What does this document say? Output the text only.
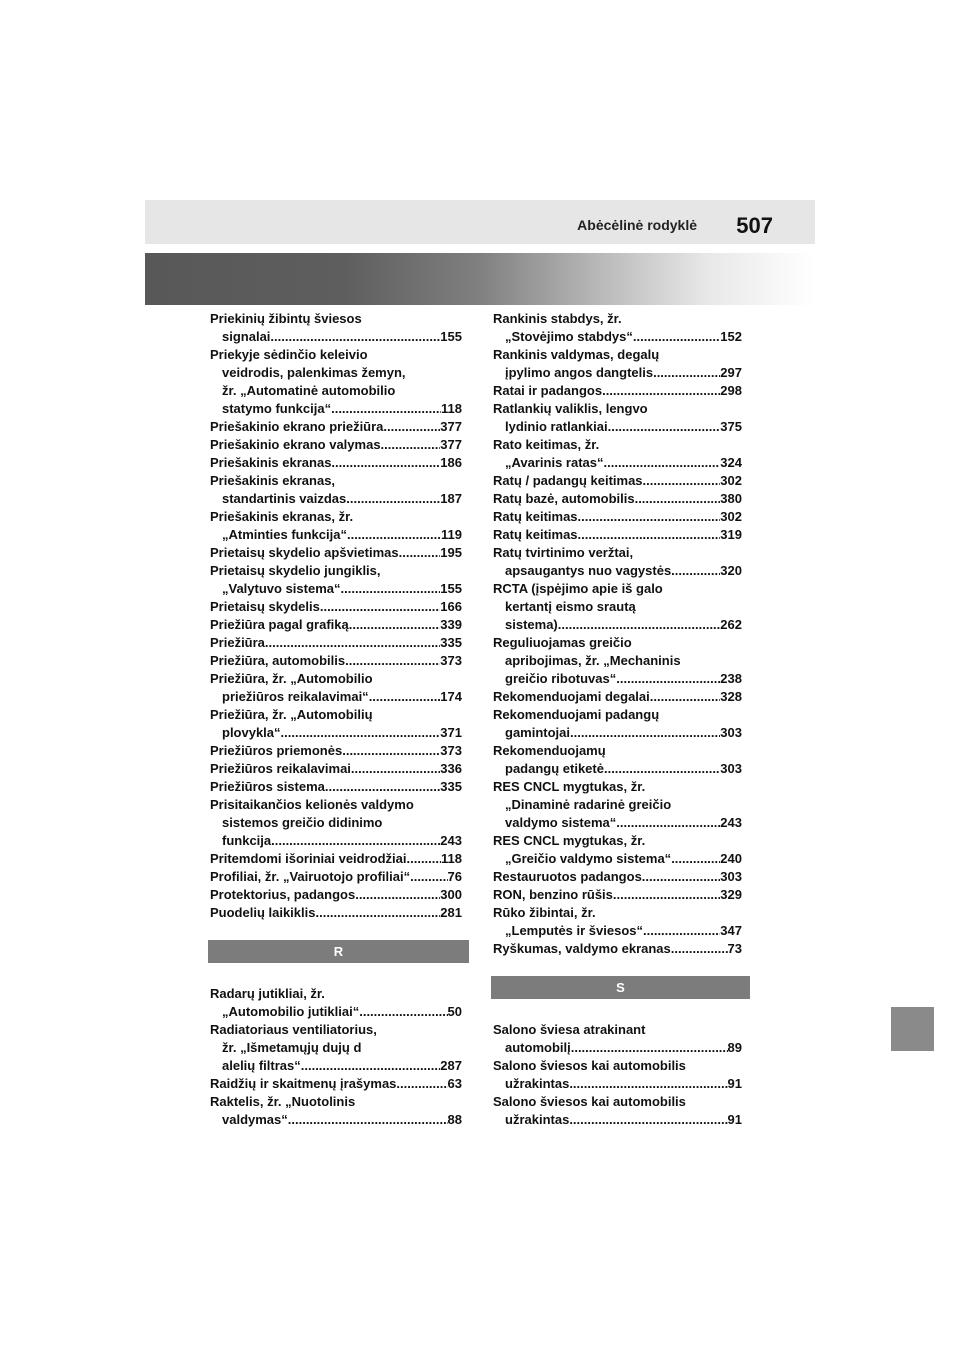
Abėcėlinė rodyklė 507
Priekinių žibintų šviesos
signalai .....	155
Priekyje sėdinčio keleivio
veidrodis, palenkimas žemyn,
žr. „Automatinė automobilio
statymo funkcija“ .....	118
Priešakinio ekrano priežiūra .....	377
Priešakinio ekrano valymas .....	377
Priešakinis ekranas .....	186
Priešakinis ekranas,
standartinis vaizdas .....	187
Priešakinis ekranas, žr.
„Atminties funkcija“ .....	119
Prietaisų skydelio apšvietimas .....	195
Prietaisų skydelio jungiklis,
„Valytuvo sistema“ .....	155
Prietaisų skydelis .....	166
Priežiūra pagal grafiką .....	339
Priežiūra .....	335
Priežiūra, automobilis .....	373
Priežiūra, žr. „Automobilio
priežiūros reikalavimai“ .....	174
Priežiūra, žr. „Automobilių
plovykla“ .....	371
Priežiūros priemonės .....	373
Priežiūros reikalavimai .....	336
Priežiūros sistema .....	335
Prisitaikančios kelionės valdymo
sistemos greičio didinimo
funkcija .....	243
Pritemdomi išoriniai veidrodžiai .....	118
Profiliai, žr. „Vairuotojo profiliai“ .....	76
Protektorius, padangos .....	300
Puodelių laikiklis .....	281
R
Radarų jutikliai, žr.
„Automobilio jutikliai“ .....	50
Radiatoriaus ventiliatorius,
žr. „Išmetamųjų dujų d
alelių filtras“ .....	287
Raidžių ir skaitmenų įrašymas .....	63
Raktelis, žr. „Nuotolinis
valdymas“ .....	88
Rankinis stabdys, žr.
„Stovėjimo stabdys“ .....	152
Rankinis valdymas, degalų
įpylimo angos dangtelis .....	297
Ratai ir padangos .....	298
Ratlankių valiklis, lengvo
lydinio ratlankiai .....	375
Rato keitimas, žr.
„Avarinis ratas“ .....	324
Ratų / padangų keitimas .....	302
Ratų bazė, automobilis .....	380
Ratų keitimas .....	302
Ratų keitimas .....	319
Ratų tvirtinimo veržtai,
apsaugantys nuo vagystės .....	320
RCTA (įspėjimo apie iš galo
kertantį eismo srautą
sistema) .....	262
Reguliuojamas greičio
apribojimas, žr. „Mechaninis
greičio ribotuvas“ .....	238
Rekomenduojami degalai .....	328
Rekomenduojami padangų
gamintojai .....	303
Rekomenduojamų
padangų etiketė .....	303
RES CNCL mygtukas, žr.
„Dinaminė radarinė greičio
valdymo sistema“ .....	243
RES CNCL mygtukas, žr.
„Greičio valdymo sistema“ .....	240
Restauruotos padangos .....	303
RON, benzino rūšis .....	329
Rūko žibintai, žr.
„Lemputės ir šviesos“ .....	347
Ryškumas, valdymo ekranas .....	73
S
Salono šviesa atrakinant
automobilį .....	89
Salono šviesos kai automobilis
užrakintas .....	91
Salono šviesos kai automobilis
užrakintas .....	91
